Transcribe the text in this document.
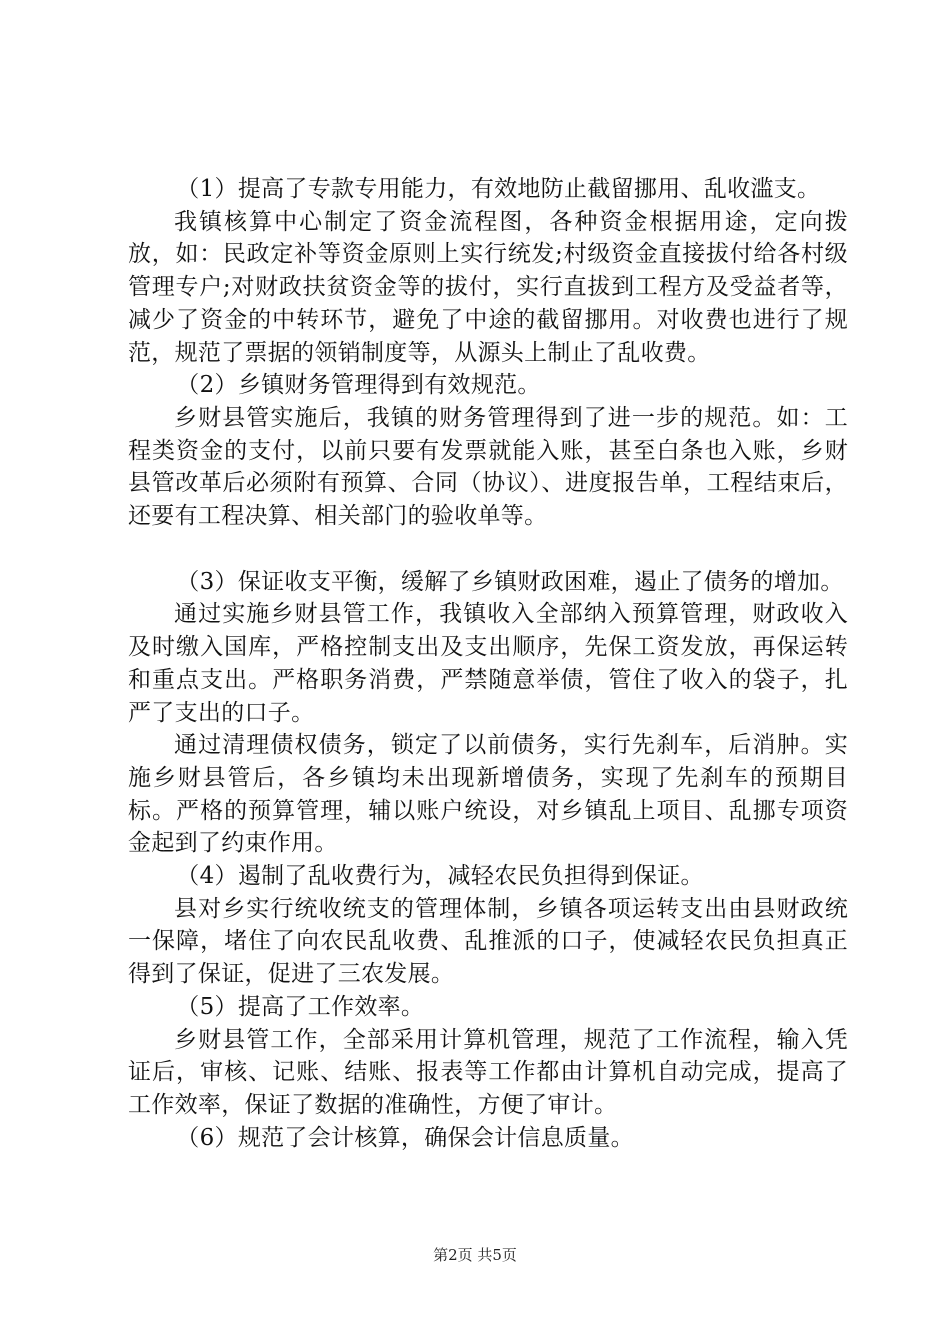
（1）提高了专款专用能力，有效地防止截留挪用、乱收滥支。

我镇核算中心制定了资金流程图，各种资金根据用途，定向拨放，如：民政定补等资金原则上实行统发;村级资金直接拔付给各村级管理专户;对财政扶贫资金等的拔付，实行直拔到工程方及受益者等，减少了资金的中转环节，避免了中途的截留挪用。对收费也进行了规范，规范了票据的领销制度等，从源头上制止了乱收费。

（2）乡镇财务管理得到有效规范。

乡财县管实施后，我镇的财务管理得到了进一步的规范。如：工程类资金的支付，以前只要有发票就能入账，甚至白条也入账，乡财县管改革后必须附有预算、合同（协议）、进度报告单，工程结束后，还要有工程决算、相关部门的验收单等。

（3）保证收支平衡，缓解了乡镇财政困难，遏止了债务的增加。

通过实施乡财县管工作，我镇收入全部纳入预算管理，财政收入及时缴入国库，严格控制支出及支出顺序，先保工资发放，再保运转和重点支出。严格职务消费，严禁随意举债，管住了收入的袋子，扎严了支出的口子。

通过清理债权债务，锁定了以前债务，实行先刹车，后消肿。实施乡财县管后，各乡镇均未出现新增债务，实现了先刹车的预期目标。严格的预算管理，辅以账户统设，对乡镇乱上项目、乱挪专项资金起到了约束作用。

（4）遏制了乱收费行为，减轻农民负担得到保证。

县对乡实行统收统支的管理体制，乡镇各项运转支出由县财政统一保障，堵住了向农民乱收费、乱推派的口子，使减轻农民负担真正得到了保证，促进了三农发展。

（5）提高了工作效率。

乡财县管工作，全部采用计算机管理，规范了工作流程，输入凭证后，审核、记账、结账、报表等工作都由计算机自动完成，提高了工作效率，保证了数据的准确性，方便了审计。

（6）规范了会计核算，确保会计信息质量。

第2页 共5页
